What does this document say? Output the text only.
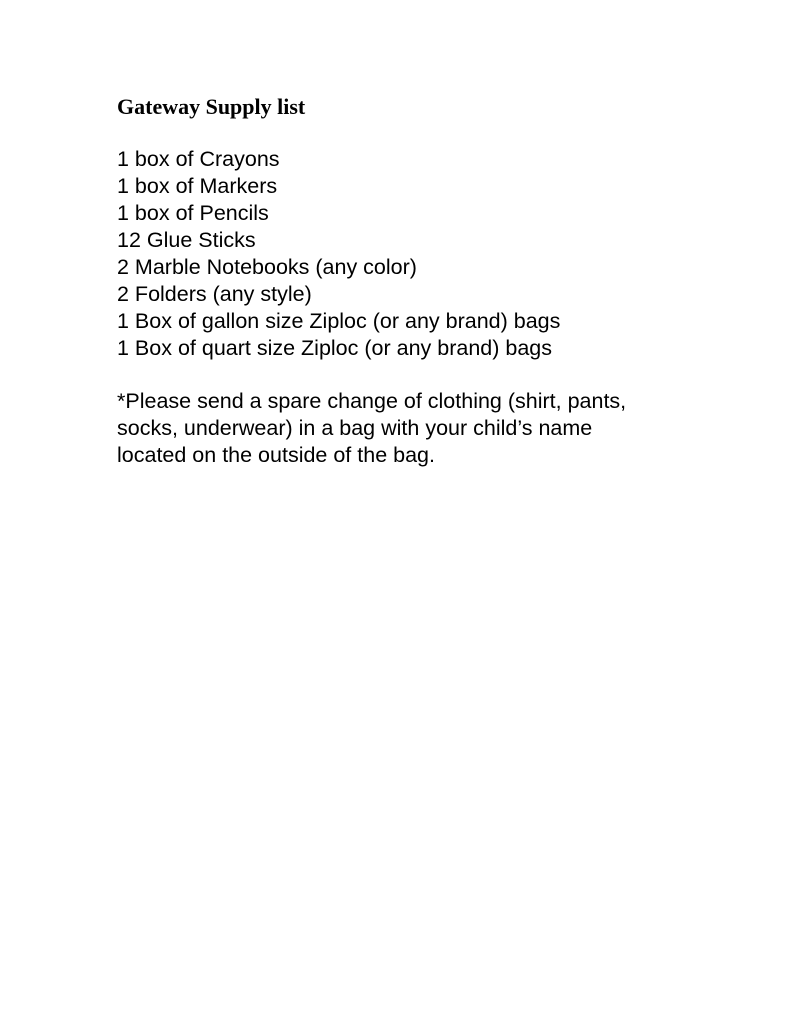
Gateway Supply list
1 box of Crayons
1 box of Markers
1 box of Pencils
12 Glue Sticks
2 Marble Notebooks (any color)
2 Folders (any style)
1 Box of gallon size Ziploc (or any brand) bags
1 Box of quart size Ziploc (or any brand) bags

*Please send a spare change of clothing (shirt, pants,
socks, underwear) in a bag with your child’s name
located on the outside of the bag.
